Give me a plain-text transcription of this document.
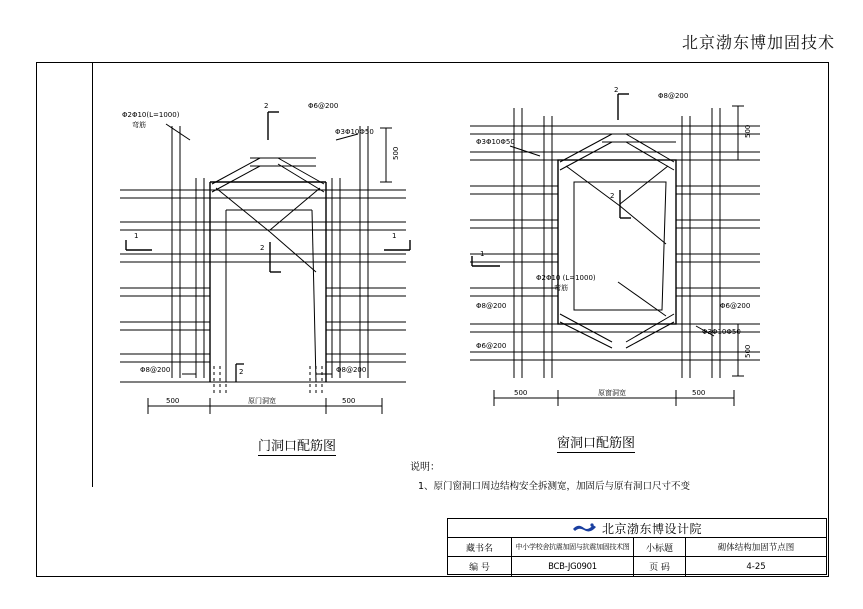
北京渤东博加固技术
2	Φ6@200
Φ2Φ10(L=1000)
弯筋
Φ3Φ10Φ50
2
1	1
Φ8@200	Φ8@200
2
500
500	原门洞宽	500
门洞口配筋图
2
Φ8@200
Φ3Φ10Φ50
2
1
Φ2Φ10 (L=1000)
弯筋
Φ8@200
Φ6@200
Φ6@200
Φ3Φ10Φ50
500
500
500	原窗洞宽	500
窗洞口配筋图
说明：
1、原门窗洞口周边结构安全拆测宽，加固后与原有洞口尺寸不变
北京渤东博设计院
藏书名	中小学校舍抗震加固与抗震加固技术图	小标题	砌体结构加固节点图
编 号	BCB-JG0901	页 码	4-25
